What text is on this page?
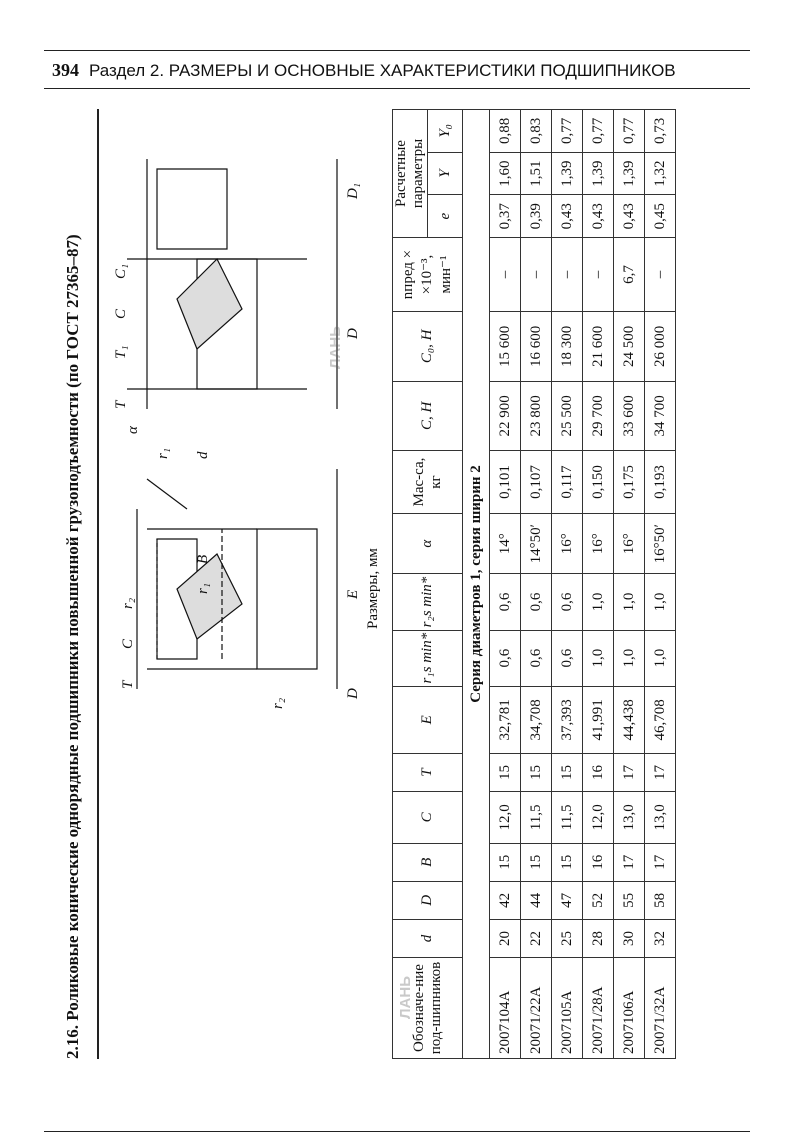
394 Раздел 2. РАЗМЕРЫ И ОСНОВНЫЕ ХАРАКТЕРИСТИКИ ПОДШИПНИКОВ
2.16. Роликовые конические однорядные подшипники повышенной грузоподъемности (по ГОСТ 27365–87)	T
C
r₂
r₁
B
d
r₁
r₂
E
D
α
T
T₁
C
C₁
D
D₁
ЛАНЬ
Размеры, мм
Обозначе-ние под-шипников	d	D	B	C	T	E	r₁s min*	r₂s min*	α	Мас-са, кг	C, Н	C₀, Н	nпред × ×10⁻³, мин⁻¹	Расчетные параметры		
														e	Y	Y₀
Серия диаметров 1, серия ширин 2																
2007104А	20	42	15	12,0	15	32,781	0,6	0,6	14°	0,101	22 900	15 600	–	0,37	1,60	0,88
20071/22А	22	44	15	11,5	15	34,708	0,6	0,6	14°50′	0,107	23 800	16 600	–	0,39	1,51	0,83
2007105А	25	47	15	11,5	15	37,393	0,6	0,6	16°	0,117	25 500	18 300	–	0,43	1,39	0,77
20071/28А	28	52	16	12,0	16	41,991	1,0	1,0	16°	0,150	29 700	21 600	–	0,43	1,39	0,77
2007106А	30	55	17	13,0	17	44,438	1,0	1,0	16°	0,175	33 600	24 500	6,7	0,43	1,39	0,77
20071/32А	32	58	17	13,0	17	46,708	1,0	1,0	16°50′	0,193	34 700	26 000	–	0,45	1,32	0,73
ЛАНЬ
